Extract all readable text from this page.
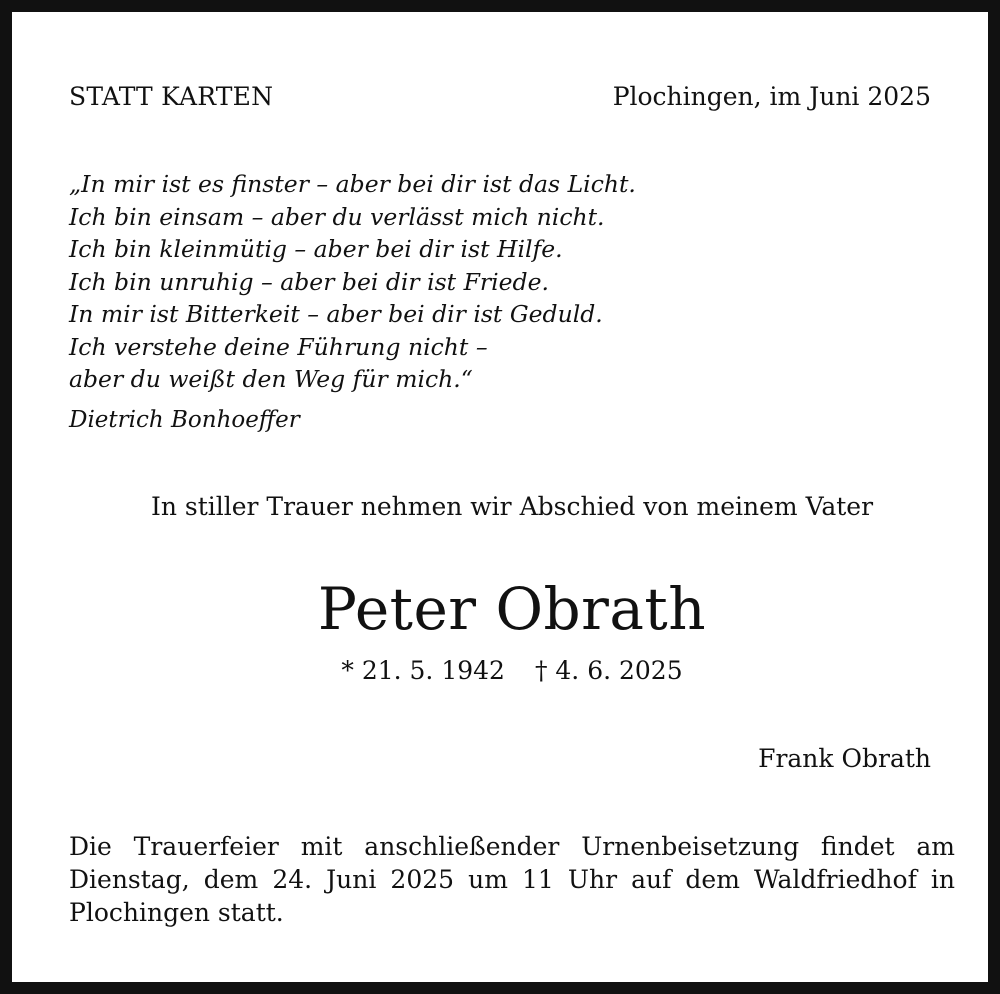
STATT KARTEN	Plochingen, im Juni 2025
„In mir ist es finster – aber bei dir ist das Licht.
Ich bin einsam – aber du verlässt mich nicht.
Ich bin kleinmütig – aber bei dir ist Hilfe.
Ich bin unruhig – aber bei dir ist Friede.
In mir ist Bitterkeit – aber bei dir ist Geduld.
Ich verstehe deine Führung nicht –
aber du weißt den Weg für mich.“
Dietrich Bonhoeffer
In stiller Trauer nehmen wir Abschied von meinem Vater
Peter Obrath
* 21. 5. 1942 † 4. 6. 2025
Frank Obrath
Die Trauerfeier mit anschließender Urnenbeisetzung findet am
Dienstag, dem 24. Juni 2025 um 11 Uhr auf dem Waldfriedhof in
Plochingen statt.
